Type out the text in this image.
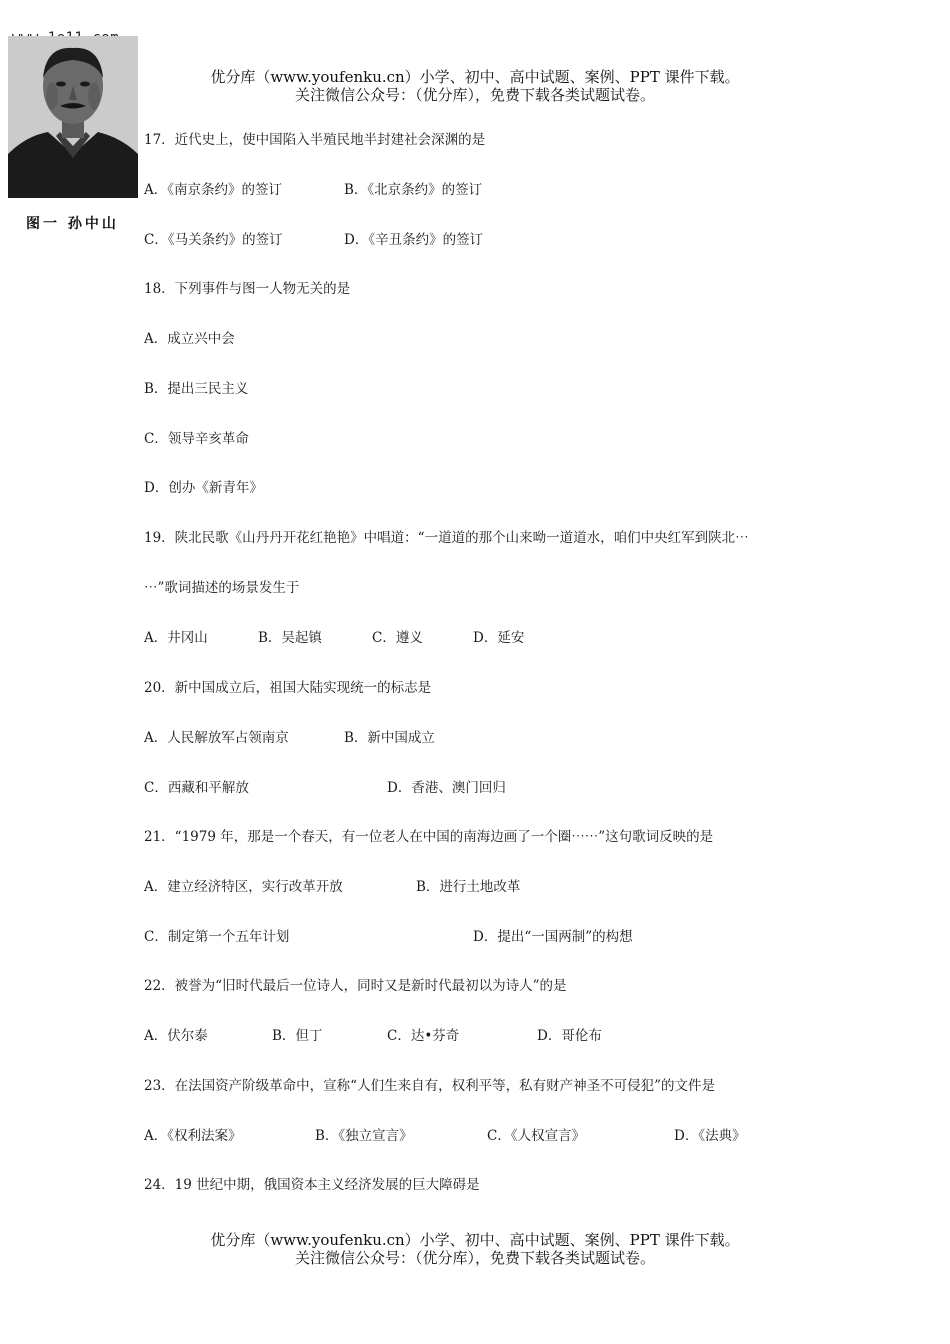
图一 孙中山
优分库（www.youfenku.cn）小学、初中、高中试题、案例、PPT 课件下载。
关注微信公众号：（优分库），免费下载各类试题试卷。
17．近代史上，使中国陷入半殖民地半封建社会深渊的是
A．《南京条约》的签订	B．《北京条约》的签订
C．《马关条约》的签订	D．《辛丑条约》的签订
18．下列事件与图一人物无关的是
A．成立兴中会
B．提出三民主义
C．领导辛亥革命
D．创办《新青年》
19．陕北民歌《山丹丹开花红艳艳》中唱道：“一道道的那个山来呦一道道水，咱们中央红军到陕北⋯
⋯”歌词描述的场景发生于
A．井冈山	B．吴起镇	C．遵义	D．延安
20．新中国成立后，祖国大陆实现统一的标志是
A．人民解放军占领南京	B．新中国成立
C．西藏和平解放	D．香港、澳门回归
21．“1979 年，那是一个春天，有一位老人在中国的南海边画了一个圈⋯⋯”这句歌词反映的是
A．建立经济特区，实行改革开放	B．进行土地改革
C．制定第一个五年计划	D．提出“一国两制”的构想
22．被誉为“旧时代最后一位诗人，同时又是新时代最初以为诗人”的是
A．伏尔泰	B．但丁	C．达•芬奇	D．哥伦布
23．在法国资产阶级革命中，宣称“人们生来自有，权利平等，私有财产神圣不可侵犯”的文件是
A．《权利法案》	B．《独立宣言》	C．《人权宣言》	D．《法典》
24．19 世纪中期，俄国资本主义经济发展的巨大障碍是
优分库（www.youfenku.cn）小学、初中、高中试题、案例、PPT 课件下载。
关注微信公众号：（优分库），免费下载各类试题试卷。
